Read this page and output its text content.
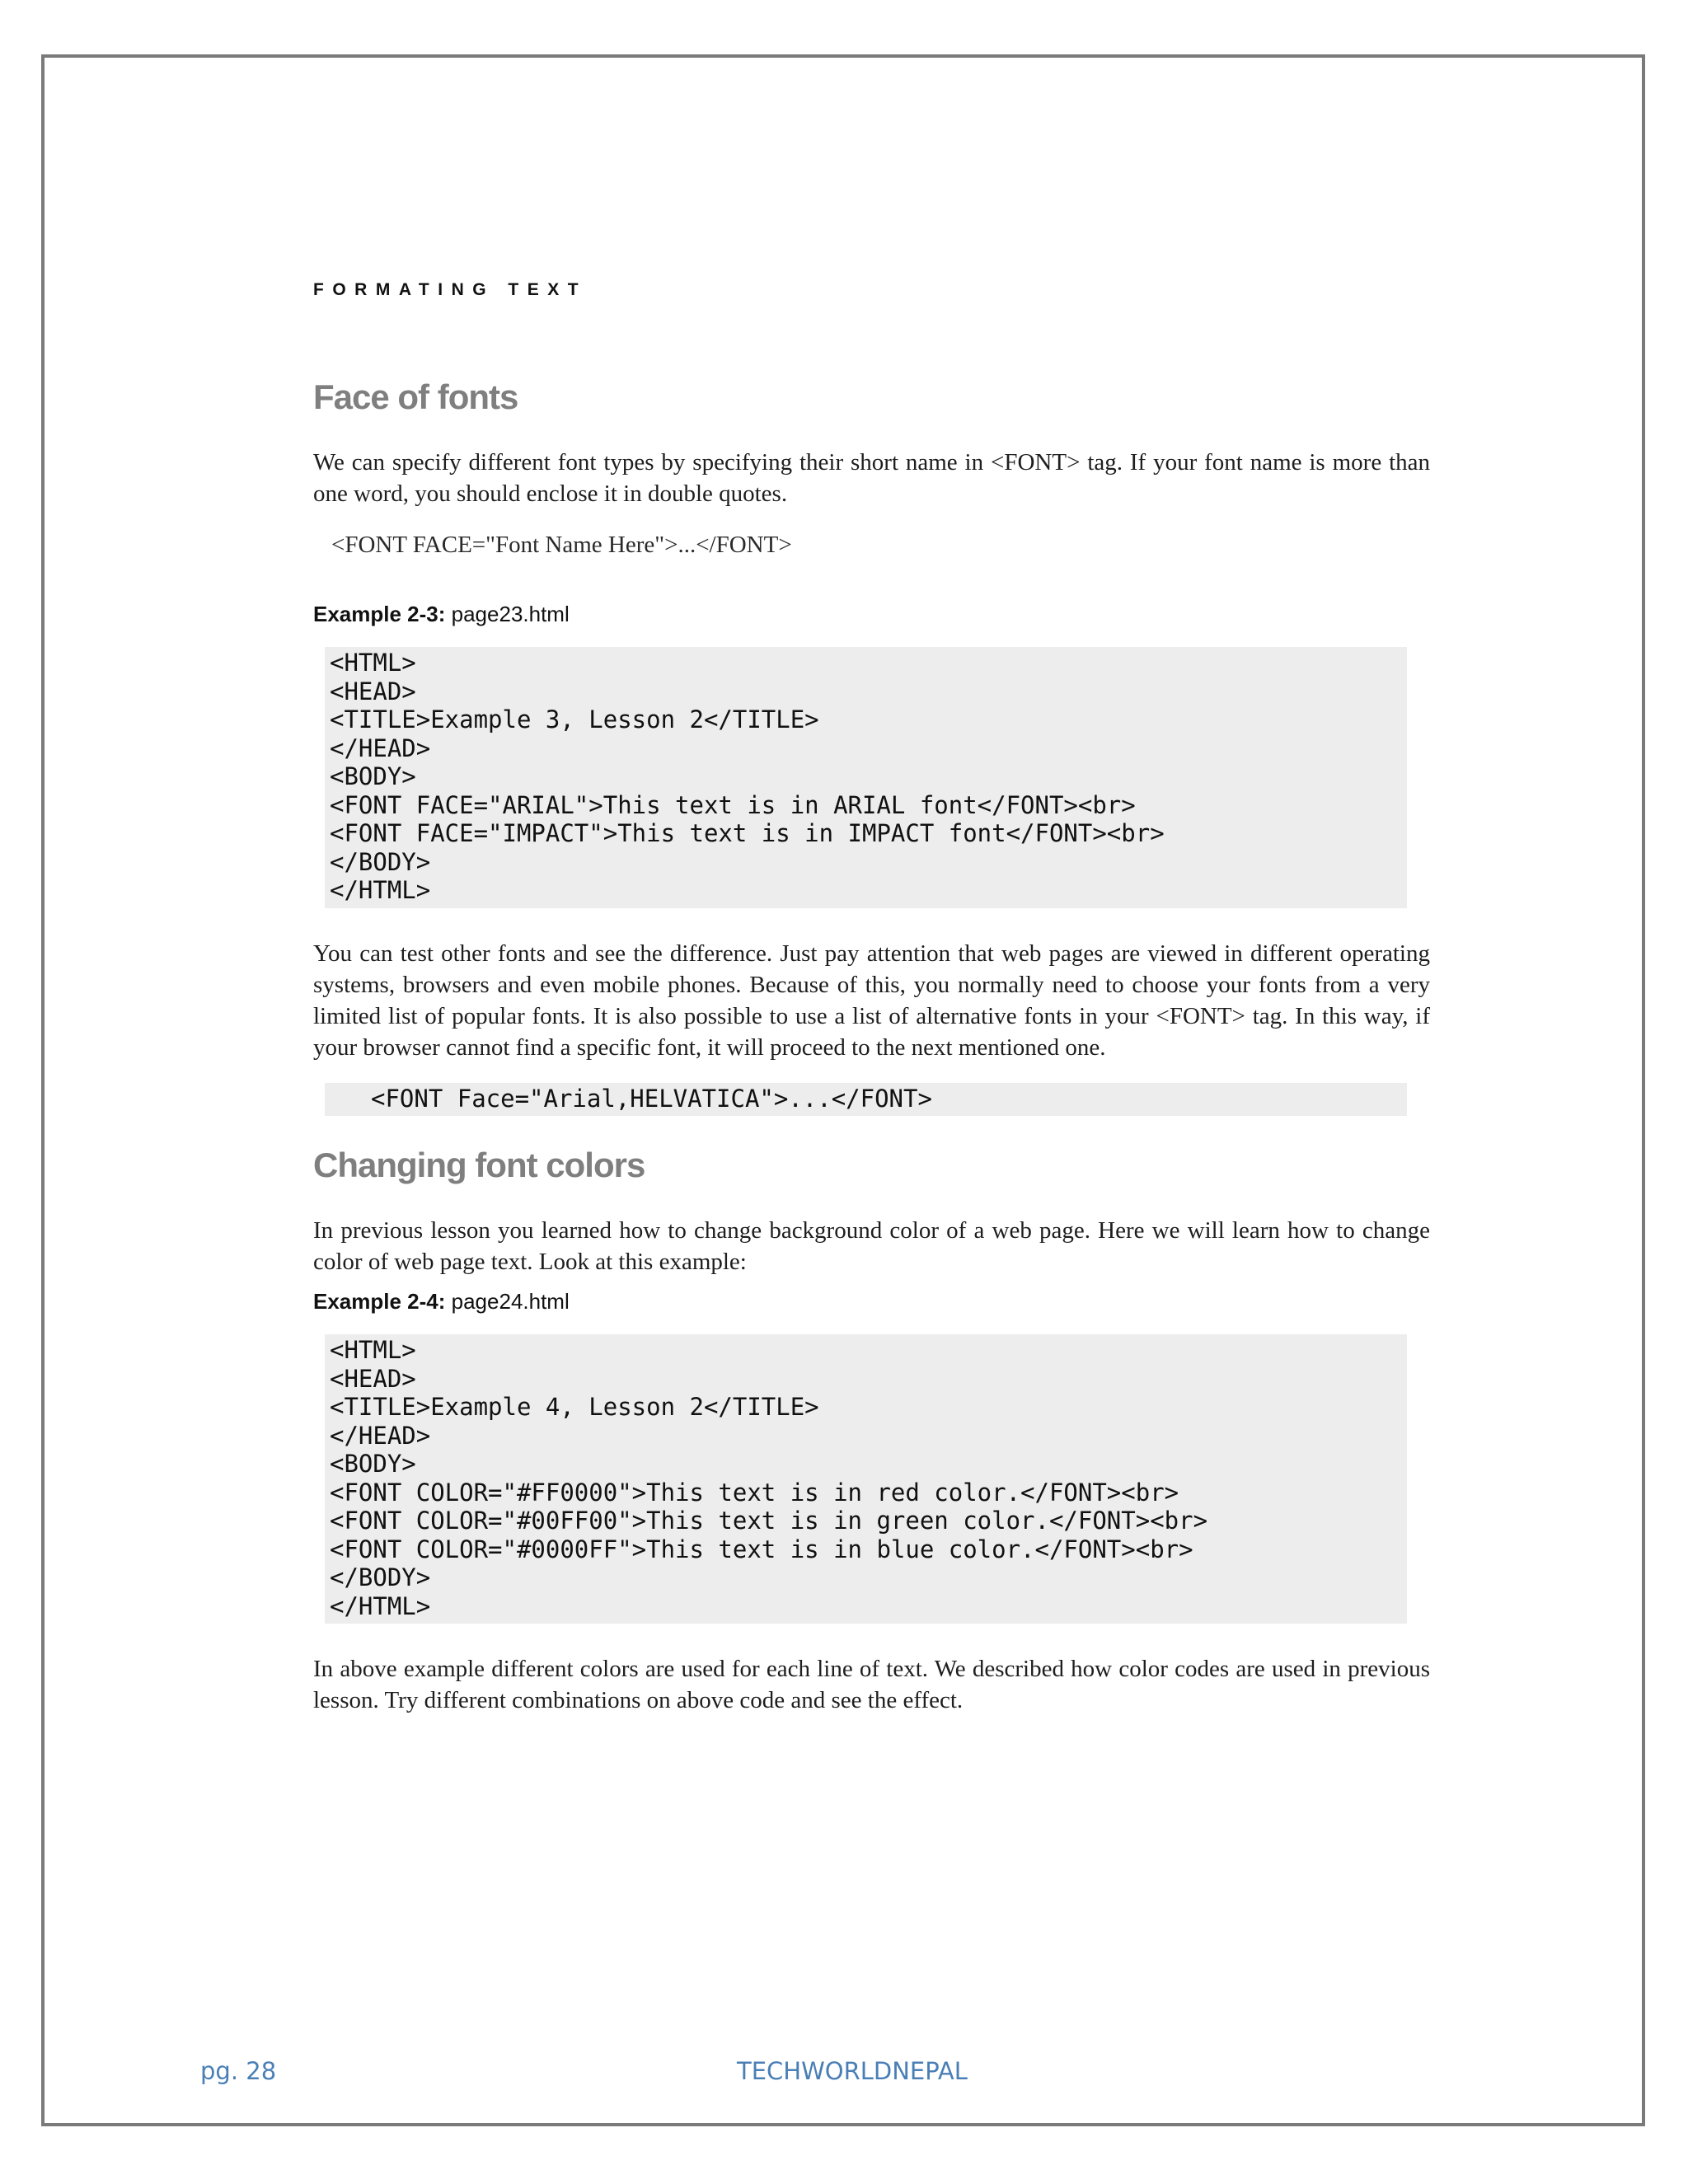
FORMATING TEXT
Face of fonts

We can specify different font types by specifying their short name in <FONT> tag. If your font name is more than one word, you should enclose it in double quotes.

<FONT FACE="Font Name Here">...</FONT>

Example 2-3: page23.html

<HTML>
<HEAD>
<TITLE>Example 3, Lesson 2</TITLE>
</HEAD>
<BODY>
<FONT FACE="ARIAL">This text is in ARIAL font</FONT><br>
<FONT FACE="IMPACT">This text is in IMPACT font</FONT><br>
</BODY>
</HTML>

You can test other fonts and see the difference. Just pay attention that web pages are viewed in different operating systems, browsers and even mobile phones. Because of this, you normally need to choose your fonts from a very limited list of popular fonts. It is also possible to use a list of alternative fonts in your <FONT> tag. In this way, if your browser cannot find a specific font, it will proceed to the next mentioned one.

<FONT Face="Arial,HELVATICA">...</FONT>
Changing font colors

In previous lesson you learned how to change background color of a web page. Here we will learn how to change color of web page text. Look at this example:

Example 2-4: page24.html

<HTML>
<HEAD>
<TITLE>Example 4, Lesson 2</TITLE>
</HEAD>
<BODY>
<FONT COLOR="#FF0000">This text is in red color.</FONT><br>
<FONT COLOR="#00FF00">This text is in green color.</FONT><br>
<FONT COLOR="#0000FF">This text is in blue color.</FONT><br>
</BODY>
</HTML>

In above example different colors are used for each line of text. We described how color codes are used in previous lesson. Try different combinations on above code and see the effect.

pg. 28	TECHWORLDNEPAL
